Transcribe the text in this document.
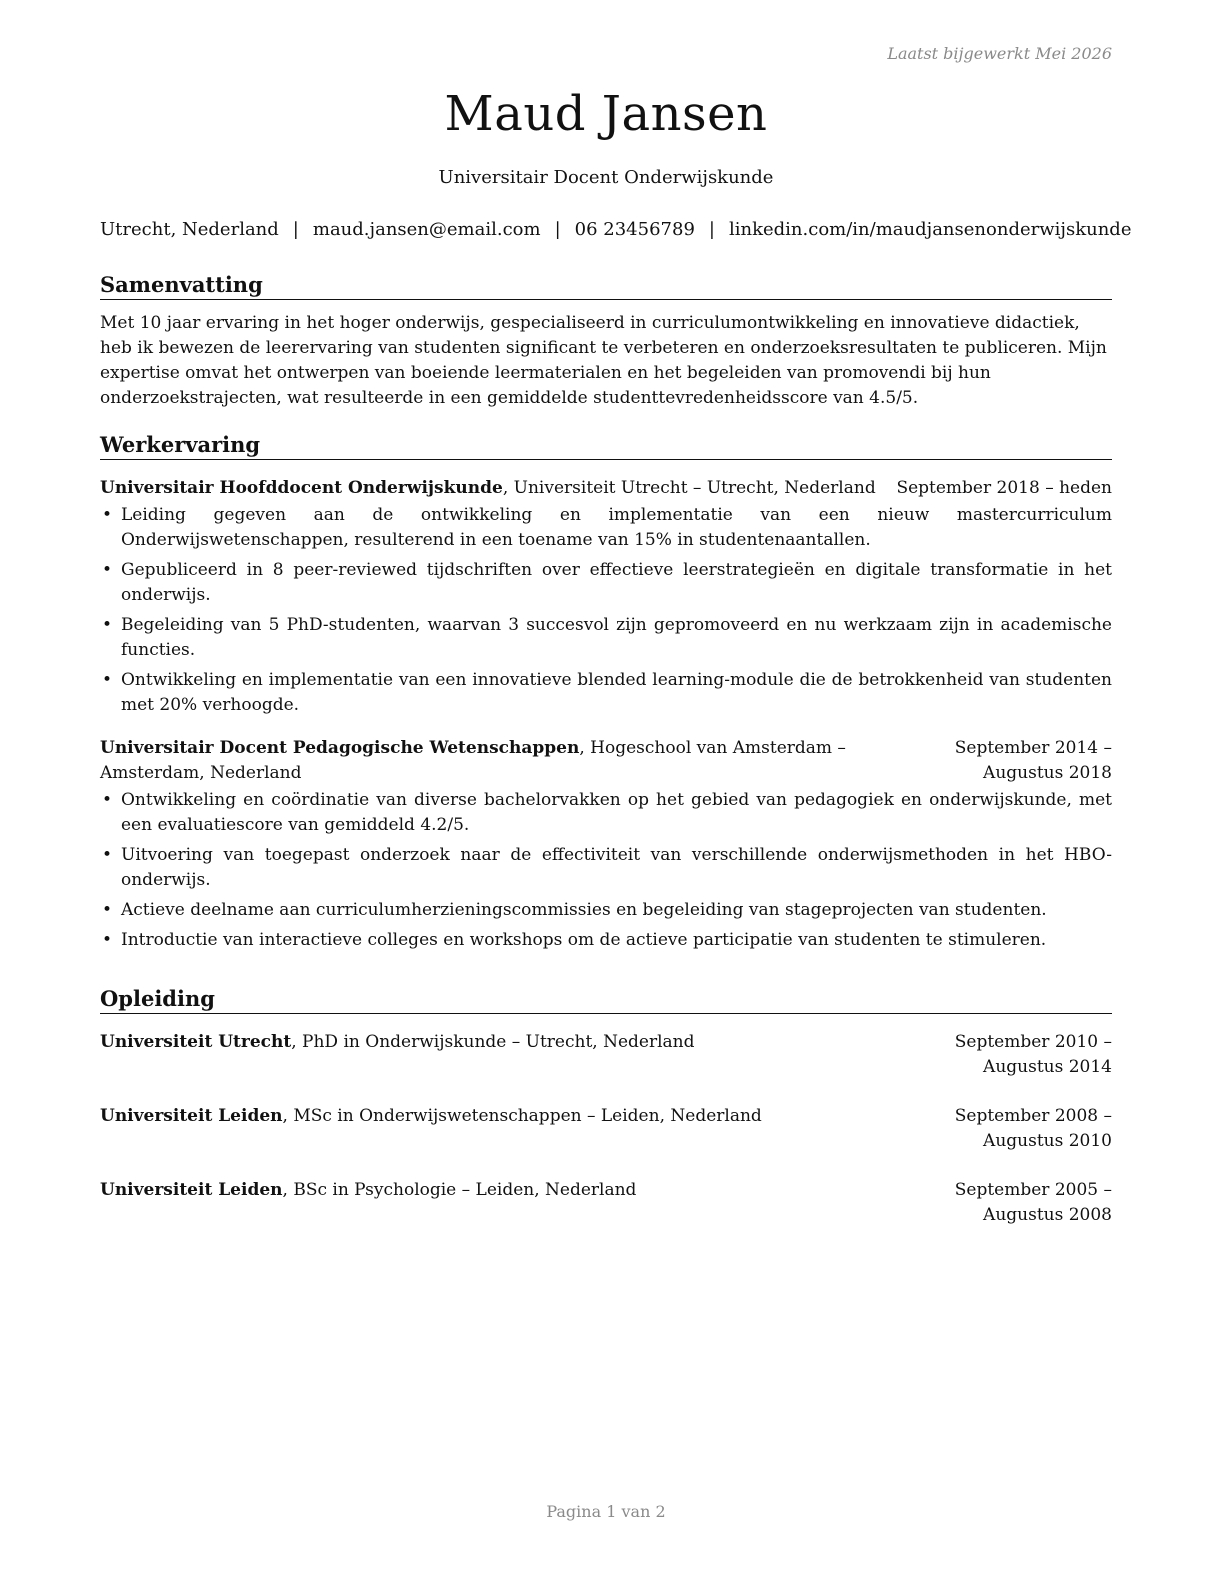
Laatst bijgewerkt Mei 2026
Maud Jansen
Universitair Docent Onderwijskunde
Utrecht, Nederland | maud.jansen@email.com | 06 23456789 | linkedin.com/in/maudjansenonderwijskunde
Samenvatting
Met 10 jaar ervaring in het hoger onderwijs, gespecialiseerd in curriculumontwikkeling en innovatieve didactiek, heb ik bewezen de leerervaring van studenten significant te verbeteren en onderzoeksresultaten te publiceren. Mijn expertise omvat het ontwerpen van boeiende leermaterialen en het begeleiden van promovendi bij hun onderzoekstrajecten, wat resulteerde in een gemiddelde studenttevredenheidsscore van 4.5/5.
Werkervaring
Universitair Hoofddocent Onderwijskunde, Universiteit Utrecht – Utrecht, Nederland	September 2018 – heden
• Leiding gegeven aan de ontwikkeling en implementatie van een nieuw mastercurriculum Onderwijswetenschappen, resulterend in een toename van 15% in studentenaantallen.
• Gepubliceerd in 8 peer-reviewed tijdschriften over effectieve leerstrategieën en digitale transformatie in het onderwijs.
• Begeleiding van 5 PhD-studenten, waarvan 3 succesvol zijn gepromoveerd en nu werkzaam zijn in academische functies.
• Ontwikkeling en implementatie van een innovatieve blended learning-module die de betrokkenheid van studenten met 20% verhoogde.
Universitair Docent Pedagogische Wetenschappen, Hogeschool van Amsterdam – Amsterdam, Nederland
September 2014 – Augustus 2018
• Ontwikkeling en coördinatie van diverse bachelorvakken op het gebied van pedagogiek en onderwijskunde, met een evaluatiescore van gemiddeld 4.2/5.
• Uitvoering van toegepast onderzoek naar de effectiviteit van verschillende onderwijsmethoden in het HBO-onderwijs.
• Actieve deelname aan curriculumherzieningscommissies en begeleiding van stageprojecten van studenten.
• Introductie van interactieve colleges en workshops om de actieve participatie van studenten te stimuleren.
Opleiding
Universiteit Utrecht, PhD in Onderwijskunde – Utrecht, Nederland	September 2010 – Augustus 2014
Universiteit Leiden, MSc in Onderwijswetenschappen – Leiden, Nederland	September 2008 – Augustus 2010
Universiteit Leiden, BSc in Psychologie – Leiden, Nederland	September 2005 – Augustus 2008
Pagina 1 van 2
